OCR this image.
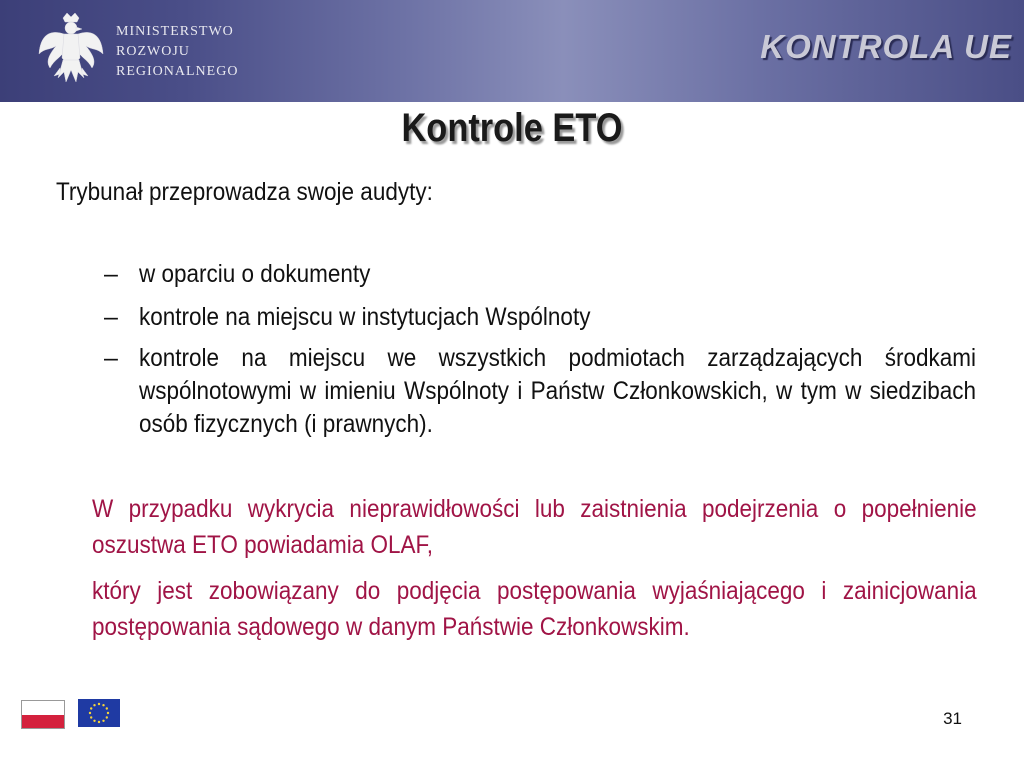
MINISTERSTWO
ROZWOJU
REGIONALNEGO
KONTROLA UE
Kontrole ETO
Trybunał przeprowadza swoje audyty:
– w oparciu o dokumenty
– kontrole na miejscu w instytucjach Wspólnoty
– kontrole na miejscu we wszystkich podmiotach zarządzających środkami wspólnotowymi w imieniu Wspólnoty i Państw Członkowskich, w tym w siedzibach osób fizycznych (i prawnych).
W przypadku wykrycia nieprawidłowości lub zaistnienia podejrzenia o popełnienie oszustwa ETO powiadamia OLAF,
który jest zobowiązany do podjęcia postępowania wyjaśniającego i zainicjowania postępowania sądowego w danym Państwie Członkowskim.
31
